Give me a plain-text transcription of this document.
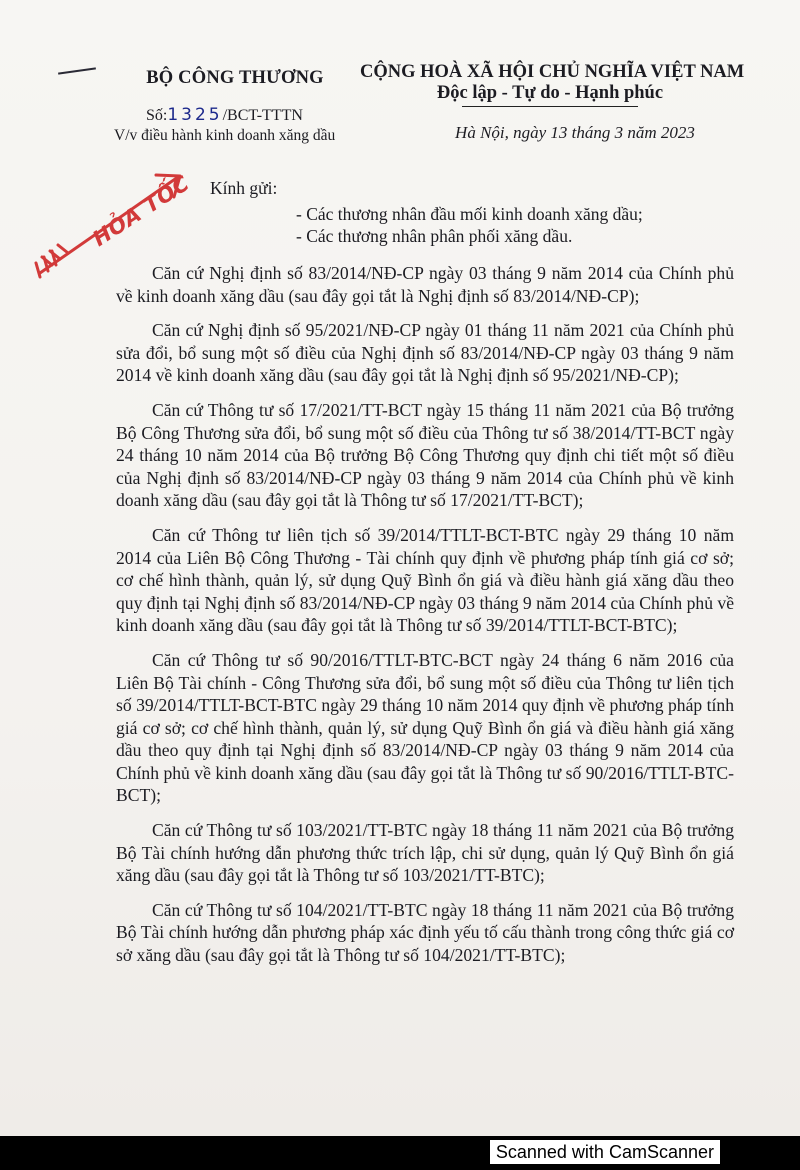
BỘ CÔNG THƯƠNG
Số:1325/BCT-TTTN
V/v điều hành kinh doanh xăng dầu
CỘNG HOÀ XÃ HỘI CHỦ NGHĨA VIỆT NAM
Độc lập - Tự do - Hạnh phúc
Hà Nội, ngày 13 tháng 3 năm 2023
HỎA TỐC Kính gửi:
- Các thương nhân đầu mối kinh doanh xăng dầu;
- Các thương nhân phân phối xăng dầu.

Căn cứ Nghị định số 83/2014/NĐ-CP ngày 03 tháng 9 năm 2014 của Chính phủ về kinh doanh xăng dầu (sau đây gọi tắt là Nghị định số 83/2014/NĐ-CP);

Căn cứ Nghị định số 95/2021/NĐ-CP ngày 01 tháng 11 năm 2021 của Chính phủ sửa đổi, bổ sung một số điều của Nghị định số 83/2014/NĐ-CP ngày 03 tháng 9 năm 2014 về kinh doanh xăng dầu (sau đây gọi tắt là Nghị định số 95/2021/NĐ-CP);

Căn cứ Thông tư số 17/2021/TT-BCT ngày 15 tháng 11 năm 2021 của Bộ trưởng Bộ Công Thương sửa đổi, bổ sung một số điều của Thông tư số 38/2014/TT-BCT ngày 24 tháng 10 năm 2014 của Bộ trưởng Bộ Công Thương quy định chi tiết một số điều của Nghị định số 83/2014/NĐ-CP ngày 03 tháng 9 năm 2014 của Chính phủ về kinh doanh xăng dầu (sau đây gọi tắt là Thông tư số 17/2021/TT-BCT);

Căn cứ Thông tư liên tịch số 39/2014/TTLT-BCT-BTC ngày 29 tháng 10 năm 2014 của Liên Bộ Công Thương - Tài chính quy định về phương pháp tính giá cơ sở; cơ chế hình thành, quản lý, sử dụng Quỹ Bình ổn giá và điều hành giá xăng dầu theo quy định tại Nghị định số 83/2014/NĐ-CP ngày 03 tháng 9 năm 2014 của Chính phủ về kinh doanh xăng dầu (sau đây gọi tắt là Thông tư số 39/2014/TTLT-BCT-BTC);

Căn cứ Thông tư số 90/2016/TTLT-BTC-BCT ngày 24 tháng 6 năm 2016 của Liên Bộ Tài chính - Công Thương sửa đổi, bổ sung một số điều của Thông tư liên tịch số 39/2014/TTLT-BCT-BTC ngày 29 tháng 10 năm 2014 quy định về phương pháp tính giá cơ sở; cơ chế hình thành, quản lý, sử dụng Quỹ Bình ổn giá và điều hành giá xăng dầu theo quy định tại Nghị định số 83/2014/NĐ-CP ngày 03 tháng 9 năm 2014 của Chính phủ về kinh doanh xăng dầu (sau đây gọi tắt là Thông tư số 90/2016/TTLT-BTC-BCT);

Căn cứ Thông tư số 103/2021/TT-BTC ngày 18 tháng 11 năm 2021 của Bộ trưởng Bộ Tài chính hướng dẫn phương thức trích lập, chi sử dụng, quản lý Quỹ Bình ổn giá xăng dầu (sau đây gọi tắt là Thông tư số 103/2021/TT-BTC);

Căn cứ Thông tư số 104/2021/TT-BTC ngày 18 tháng 11 năm 2021 của Bộ trưởng Bộ Tài chính hướng dẫn phương pháp xác định yếu tố cấu thành trong công thức giá cơ sở xăng dầu (sau đây gọi tắt là Thông tư số 104/2021/TT-BTC);

Scanned with CamScanner
